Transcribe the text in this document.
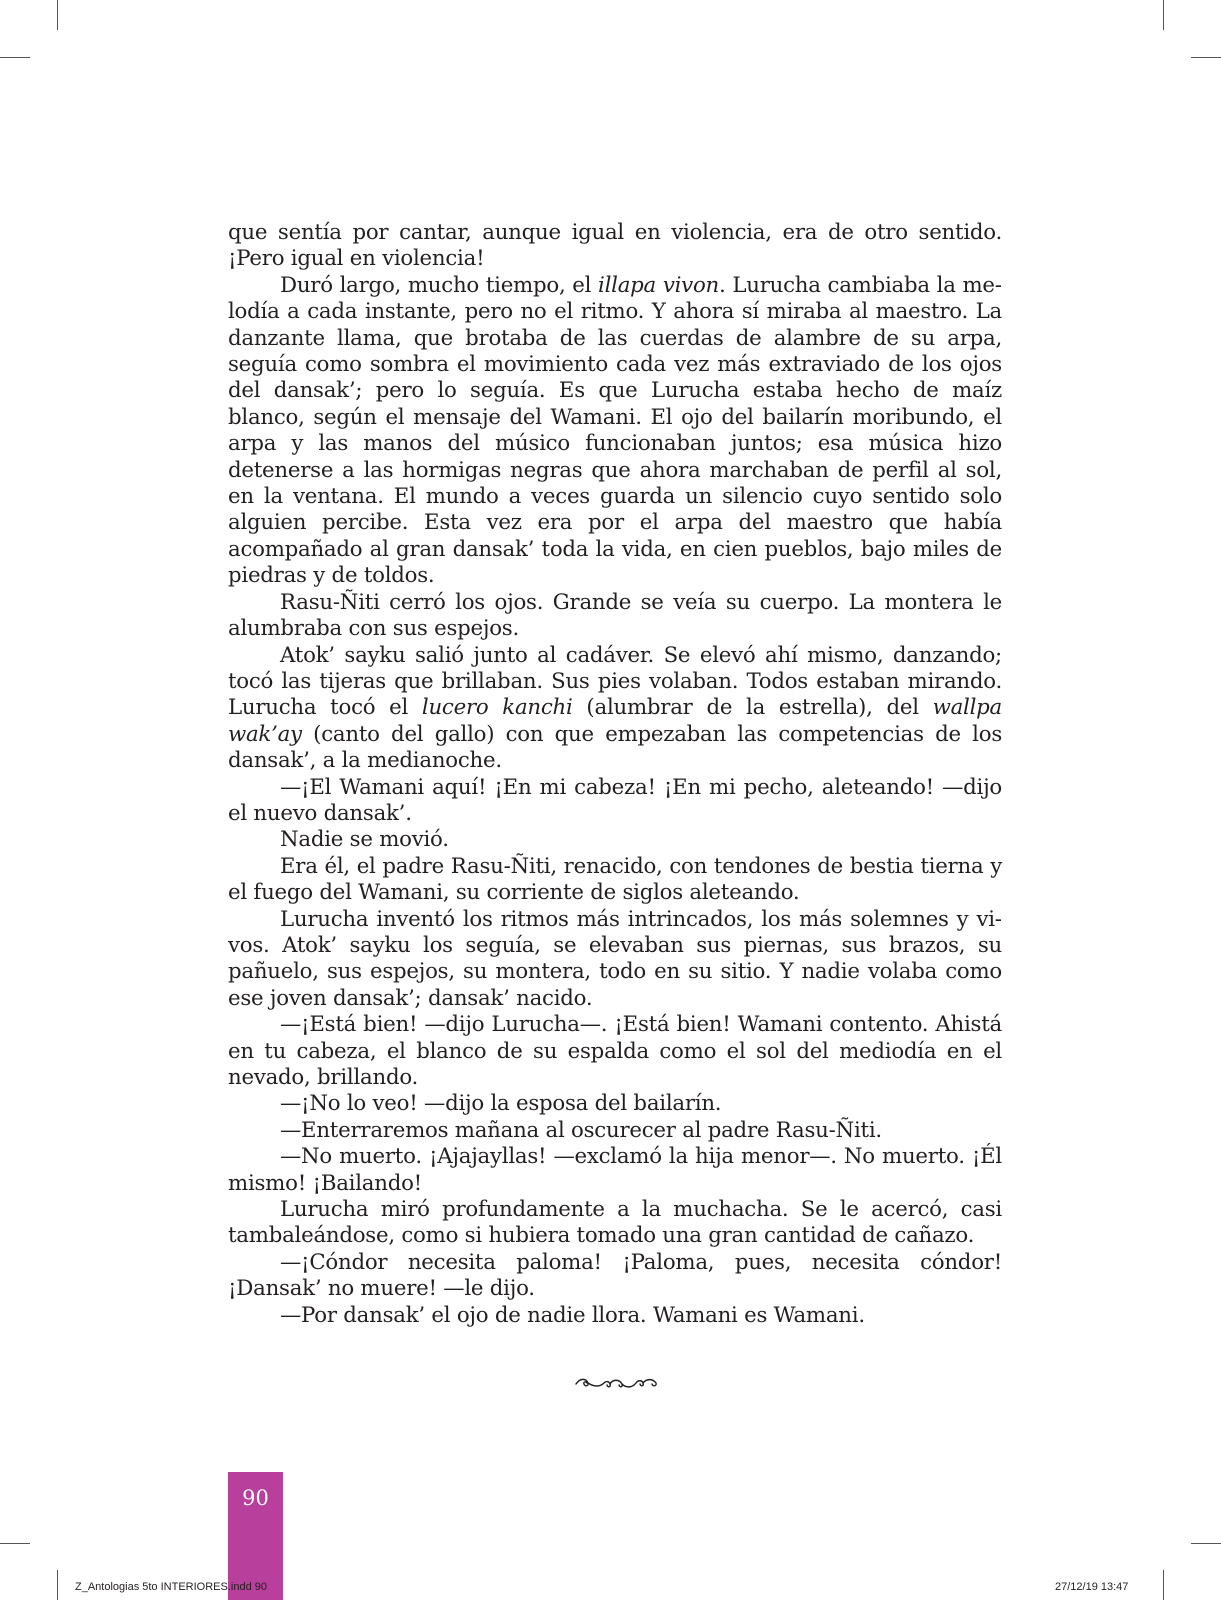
que sentía por cantar, aunque igual en violencia, era de otro sentido. ¡Pero igual en violencia!

Duró largo, mucho tiempo, el illapa vivon. Lurucha cambiaba la melodía a cada instante, pero no el ritmo. Y ahora sí miraba al maestro. La danzante llama, que brotaba de las cuerdas de alambre de su arpa, seguía como sombra el movimiento cada vez más extraviado de los ojos del dansak’; pero lo seguía. Es que Lurucha estaba hecho de maíz blanco, según el mensaje del Wamani. El ojo del bailarín moribundo, el arpa y las manos del músico funcionaban juntos; esa música hizo detenerse a las hormigas negras que ahora marchaban de perfil al sol, en la ventana. El mundo a veces guarda un silencio cuyo sentido solo alguien percibe. Esta vez era por el arpa del maestro que había acompañado al gran dansak’ toda la vida, en cien pueblos, bajo miles de piedras y de toldos.

Rasu-Ñiti cerró los ojos. Grande se veía su cuerpo. La montera le alumbraba con sus espejos.

Atok’ sayku salió junto al cadáver. Se elevó ahí mismo, danzando; tocó las tijeras que brillaban. Sus pies volaban. Todos estaban mirando. Lurucha tocó el lucero kanchi (alumbrar de la estrella), del wallpa wak’ay (canto del gallo) con que empezaban las competencias de los dansak’, a la medianoche.

—¡El Wamani aquí! ¡En mi cabeza! ¡En mi pecho, aleteando! —dijo el nuevo dansak’.

Nadie se movió.

Era él, el padre Rasu-Ñiti, renacido, con tendones de bestia tierna y el fuego del Wamani, su corriente de siglos aleteando.

Lurucha inventó los ritmos más intrincados, los más solemnes y vivos. Atok’ sayku los seguía, se elevaban sus piernas, sus brazos, su pañuelo, sus espejos, su montera, todo en su sitio. Y nadie volaba como ese joven dansak’; dansak’ nacido.

—¡Está bien! —dijo Lurucha—. ¡Está bien! Wamani contento. Ahistá en tu cabeza, el blanco de su espalda como el sol del mediodía en el nevado, brillando.

—¡No lo veo! —dijo la esposa del bailarín.

—Enterraremos mañana al oscurecer al padre Rasu-Ñiti.

—No muerto. ¡Ajajayllas! —exclamó la hija menor—. No muerto. ¡Él mismo! ¡Bailando!

Lurucha miró profundamente a la muchacha. Se le acercó, casi tambaleándose, como si hubiera tomado una gran cantidad de cañazo.

—¡Cóndor necesita paloma! ¡Paloma, pues, necesita cóndor! ¡Dansak’ no muere! —le dijo.

—Por dansak’ el ojo de nadie llora. Wamani es Wamani.

90
Z_Antologias 5to INTERIORES.indd 90	27/12/19 13:47
